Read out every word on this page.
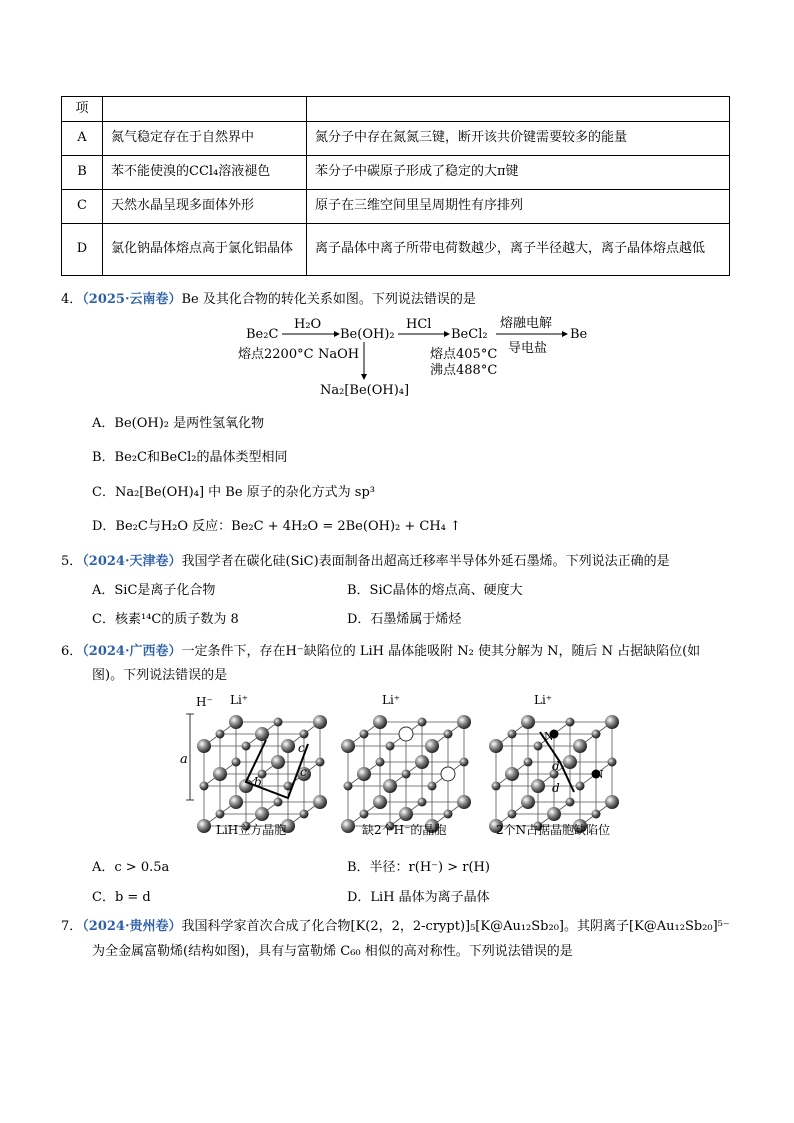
项		
A	氮气稳定存在于自然界中	氮分子中存在氮氮三键，断开该共价键需要较多的能量
B	苯不能使溴的CCl₄溶液褪色	苯分子中碳原子形成了稳定的大π键
C	天然水晶呈现多面体外形	原子在三维空间里呈周期性有序排列
D	氯化钠晶体熔点高于氯化铝晶体	离子晶体中离子所带电荷数越少，离子半径越大，离子晶体熔点越低
4．（2025·云南卷）Be 及其化合物的转化关系如图。下列说法错误的是
Be₂C
熔点2200°C
H₂O
Be(OH)₂
HCl
BeCl₂
熔点405°C
沸点488°C
熔融电解
导电盐
Be
NaOH
Na₂[Be(OH)₄]
A．Be(OH)₂ 是两性氢氧化物
B．Be₂C和BeCl₂的晶体类型相同
C．Na₂[Be(OH)₄] 中 Be 原子的杂化方式为 sp³
D．Be₂C与H₂O 反应：Be₂C + 4H₂O = 2Be(OH)₂ + CH₄ ↑
5．（2024·天津卷）我国学者在碳化硅(SiC)表面制备出超高迁移率半导体外延石墨烯。下列说法正确的是
A．SiC是离子化合物	B．SiC晶体的熔点高、硬度大
C．核素¹⁴C的质子数为 8	D．石墨烯属于烯烃
6．（2024·广西卷）一定条件下，存在H⁻缺陷位的 LiH 晶体能吸附 N₂ 使其分解为 N，随后 N 占据缺陷位(如
图)。下列说法错误的是
H⁻ Li⁺
a
b
c
c
Li⁺	Li⁺
N
N
d
d
LiH立方晶胞	缺2个H⁻的晶胞	2个N占据晶胞缺陷位
A．c > 0.5a	B．半径：r(H⁻) > r(H)
C．b = d	D．LiH 晶体为离子晶体
7．（2024·贵州卷）我国科学家首次合成了化合物[K(2，2，2-crypt)]₅[K@Au₁₂Sb₂₀]。其阴离子[K@Au₁₂Sb₂₀]⁵⁻
为全金属富勒烯(结构如图)，具有与富勒烯 C₆₀ 相似的高对称性。下列说法错误的是
